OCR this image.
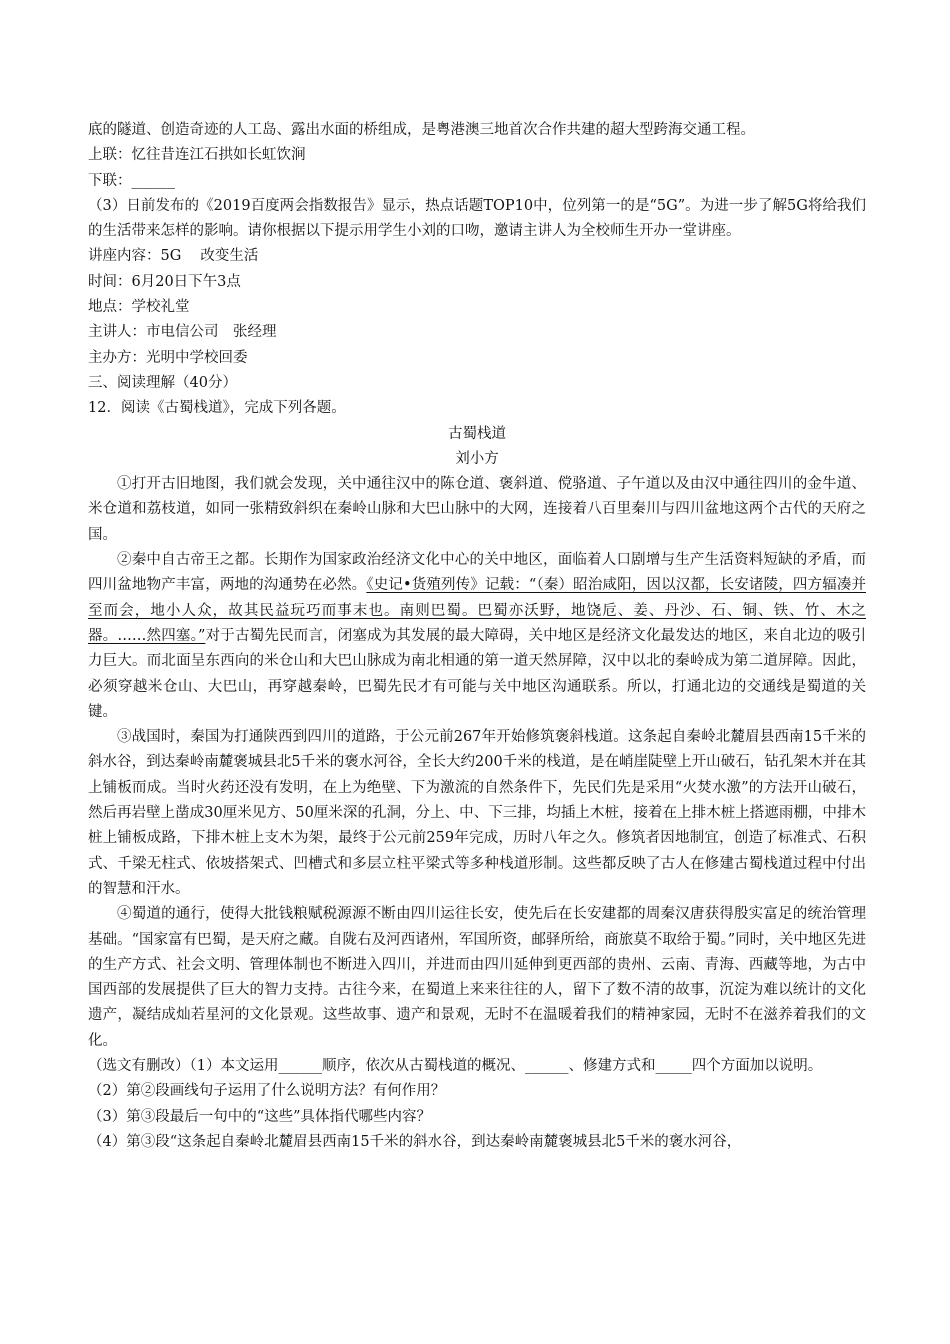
底的隧道、创造奇迹的人工岛、露出水面的桥组成，是粤港澳三地首次合作共建的超大型跨海交通工程。

上联：忆往昔连江石拱如长虹饮涧

下联：______

（3）日前发布的《2019百度两会指数报告》显示，热点话题TOP10中，位列第一的是“5G”。为进一步了解5G将给我们的生活带来怎样的影响。请你根据以下提示用学生小刘的口吻，邀请主讲人为全校师生开办一堂讲座。

讲座内容：5G　 改变生活

时间：6月20日下午3点

地点：学校礼堂

主讲人：市电信公司　张经理

主办方：光明中学校回委

三、阅读理解（40分）

12．阅读《古蜀栈道》，完成下列各题。

古蜀栈道

刘小方

①打开古旧地图，我们就会发现，关中通往汉中的陈仓道、褒斜道、傥骆道、子午道以及由汉中通往四川的金牛道、米仓道和荔枝道，如同一张精致斜织在秦岭山脉和大巴山脉中的大网，连接着八百里秦川与四川盆地这两个古代的天府之国。

②秦中自古帝王之都。长期作为国家政治经济文化中心的关中地区，面临着人口剧增与生产生活资料短缺的矛盾，而四川盆地物产丰富，两地的沟通势在必然。《史记•货殖列传》记载：“（秦）昭治咸阳，因以汉都，长安诸陵，四方辐凑并至而会，地小人众，故其民益玩巧而事末也。南则巴蜀。巴蜀亦沃野，地饶卮、姜、丹沙、石、铜、铁、竹、木之器。……然四塞。”对于古蜀先民而言，闭塞成为其发展的最大障碍，关中地区是经济文化最发达的地区，来自北边的吸引力巨大。而北面呈东西向的米仓山和大巴山脉成为南北相通的第一道天然屏障，汉中以北的秦岭成为第二道屏障。因此，必须穿越米仓山、大巴山，再穿越秦岭，巴蜀先民才有可能与关中地区沟通联系。所以，打通北边的交通线是蜀道的关键。

③战国时，秦国为打通陕西到四川的道路，于公元前267年开始修筑褒斜栈道。这条起自秦岭北麓眉县西南15千米的斜水谷，到达秦岭南麓褒城县北5千米的褒水河谷，全长大约200千米的栈道，是在峭崖陡壁上开山破石，钻孔架木并在其上铺板而成。当时火药还没有发明，在上为绝壁、下为激流的自然条件下，先民们先是采用“火焚水激”的方法开山破石，然后再岩壁上凿成30厘米见方、50厘米深的孔洞，分上、中、下三排，均插上木桩，接着在上排木桩上搭遮雨棚，中排木桩上铺板成路，下排木桩上支木为架，最终于公元前259年完成，历时八年之久。修筑者因地制宜，创造了标准式、石积式、千梁无柱式、依坡搭架式、凹槽式和多层立柱平梁式等多种栈道形制。这些都反映了古人在修建古蜀栈道过程中付出的智慧和汗水。

④蜀道的通行，使得大批钱粮赋税源源不断由四川运往长安，使先后在长安建都的周秦汉唐获得殷实富足的统治管理基础。“国家富有巴蜀，是天府之藏。自陇右及河西诸州，军国所资，邮驿所给，商旅莫不取给于蜀。”同时，关中地区先进的生产方式、社会文明、管理体制也不断进入四川，并进而由四川延伸到更西部的贵州、云南、青海、西藏等地，为古中国西部的发展提供了巨大的智力支持。古往今来，在蜀道上来来往往的人，留下了数不清的故事，沉淀为难以统计的文化遗产，凝结成灿若星河的文化景观。这些故事、遗产和景观，无时不在温暖着我们的精神家园，无时不在滋养着我们的文化。

（选文有删改）（1）本文运用______顺序，依次从古蜀栈道的概况、______、修建方式和_____四个方面加以说明。

（2）第②段画线句子运用了什么说明方法？有何作用？

（3）第③段最后一句中的“这些”具体指代哪些内容？

（4）第③段“这条起自秦岭北麓眉县西南15千米的斜水谷，到达秦岭南麓褒城县北5千米的褒水河谷，
